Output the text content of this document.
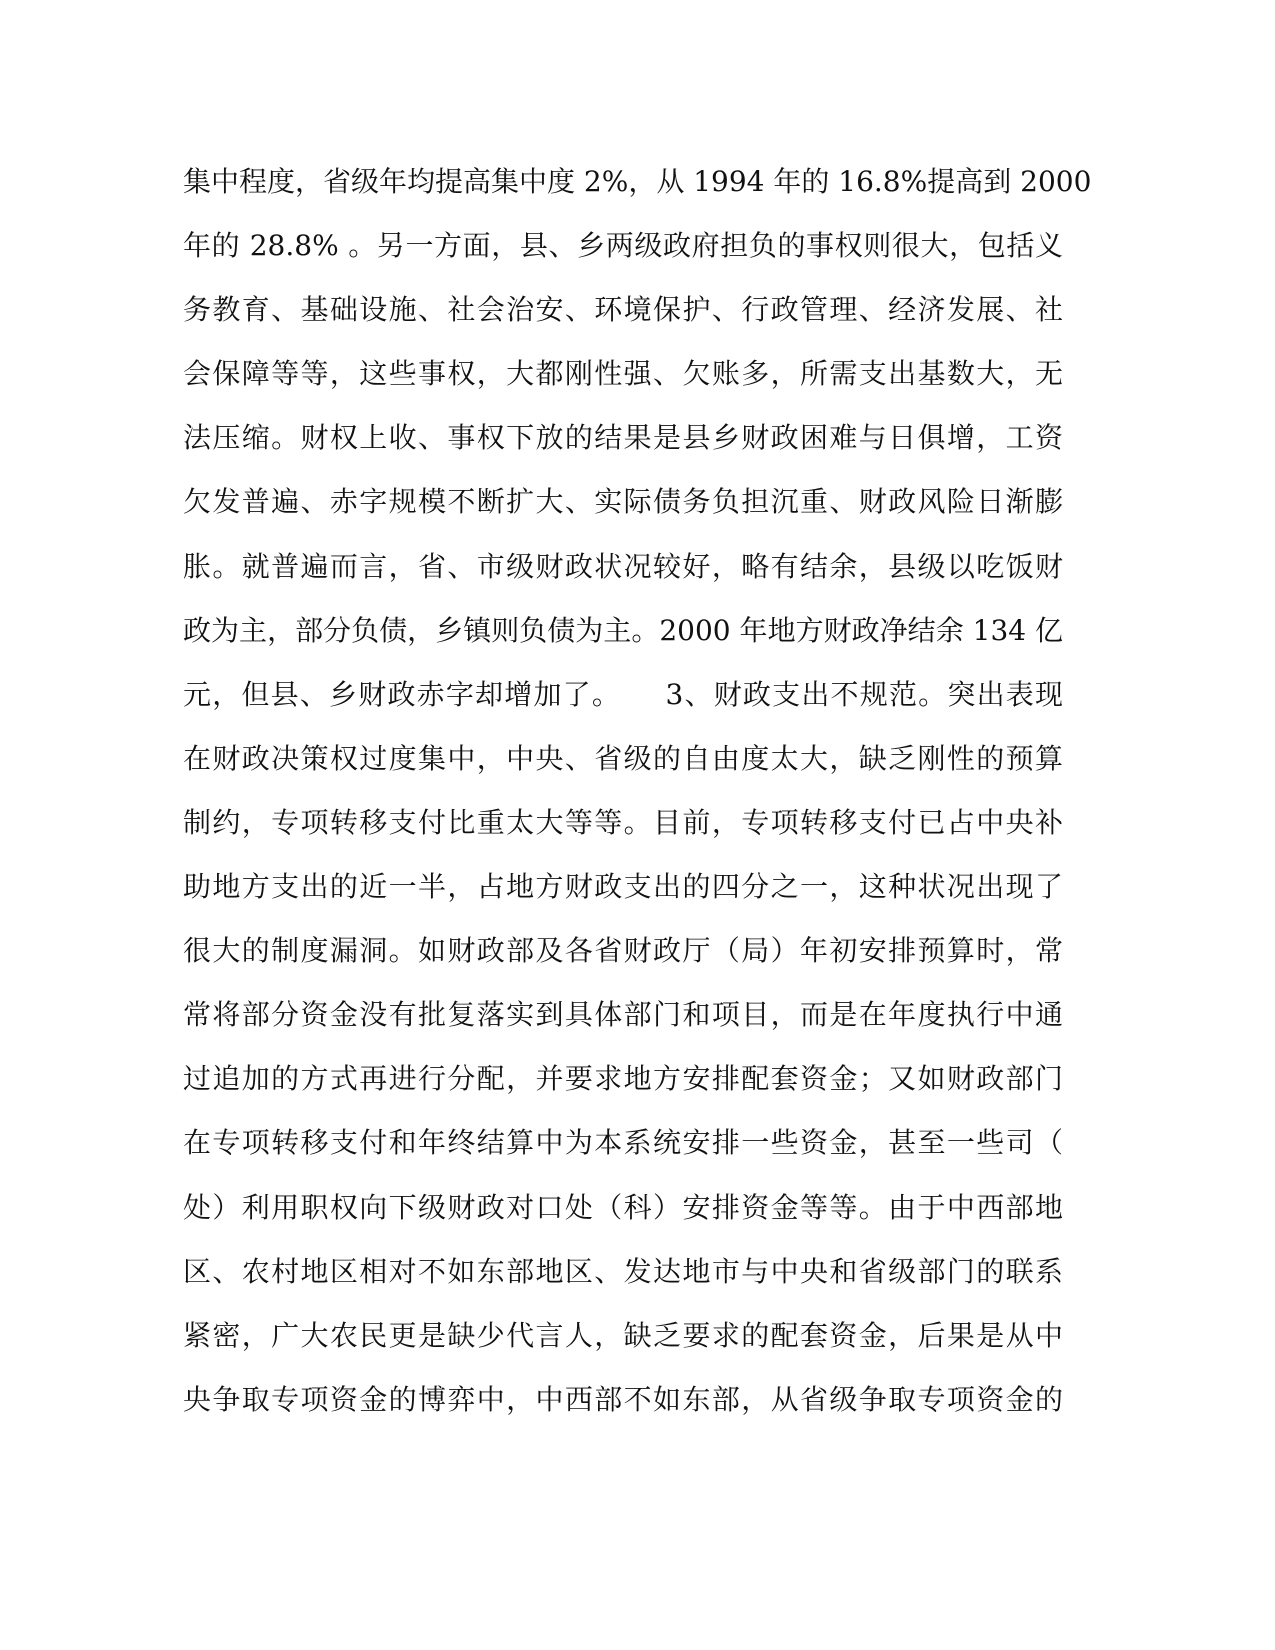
集中程度，省级年均提高集中度 2%，从 1994 年的 16.8%提高到 2000
年的 28.8% 。另一方面，县、乡两级政府担负的事权则很大，包括义
务教育、基础设施、社会治安、环境保护、行政管理、经济发展、社
会保障等等，这些事权，大都刚性强、欠账多，所需支出基数大，无
法压缩。财权上收、事权下放的结果是县乡财政困难与日俱增，工资
欠发普遍、赤字规模不断扩大、实际债务负担沉重、财政风险日渐膨
胀。就普遍而言，省、市级财政状况较好，略有结余，县级以吃饭财
政为主，部分负债，乡镇则负债为主。2000 年地方财政净结余 134 亿
元，但县、乡财政赤字却增加了。　　3、财政支出不规范。突出表现
在财政决策权过度集中，中央、省级的自由度太大，缺乏刚性的预算
制约，专项转移支付比重太大等等。目前，专项转移支付已占中央补
助地方支出的近一半，占地方财政支出的四分之一，这种状况出现了
很大的制度漏洞。如财政部及各省财政厅（局）年初安排预算时，常
常将部分资金没有批复落实到具体部门和项目，而是在年度执行中通
过追加的方式再进行分配，并要求地方安排配套资金；又如财政部门
在专项转移支付和年终结算中为本系统安排一些资金，甚至一些司（
处）利用职权向下级财政对口处（科）安排资金等等。由于中西部地
区、农村地区相对不如东部地区、发达地市与中央和省级部门的联系
紧密，广大农民更是缺少代言人，缺乏要求的配套资金，后果是从中
央争取专项资金的博弈中，中西部不如东部，从省级争取专项资金的
